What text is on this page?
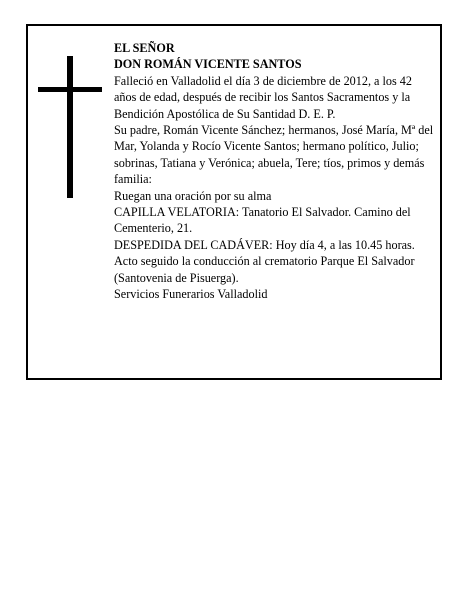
EL SEÑOR

DON ROMÁN VICENTE SANTOS

Falleció en Valladolid el día 3 de diciembre de 2012, a los 42 años de edad, después de recibir los Santos Sacramentos y la Bendición Apostólica de Su Santidad D. E. P.

Su padre, Román Vicente Sánchez; hermanos, José María, Mª del Mar, Yolanda y Rocío Vicente Santos; hermano político, Julio; sobrinas, Tatiana y Verónica; abuela, Tere; tíos, primos y demás familia:

Ruegan una oración por su alma

CAPILLA VELATORIA: Tanatorio El Salvador. Camino del Cementerio, 21.

DESPEDIDA DEL CADÁVER: Hoy día 4, a las 10.45 horas. Acto seguido la conducción al crematorio Parque El Salvador (Santovenia de Pisuerga).

Servicios Funerarios Valladolid
